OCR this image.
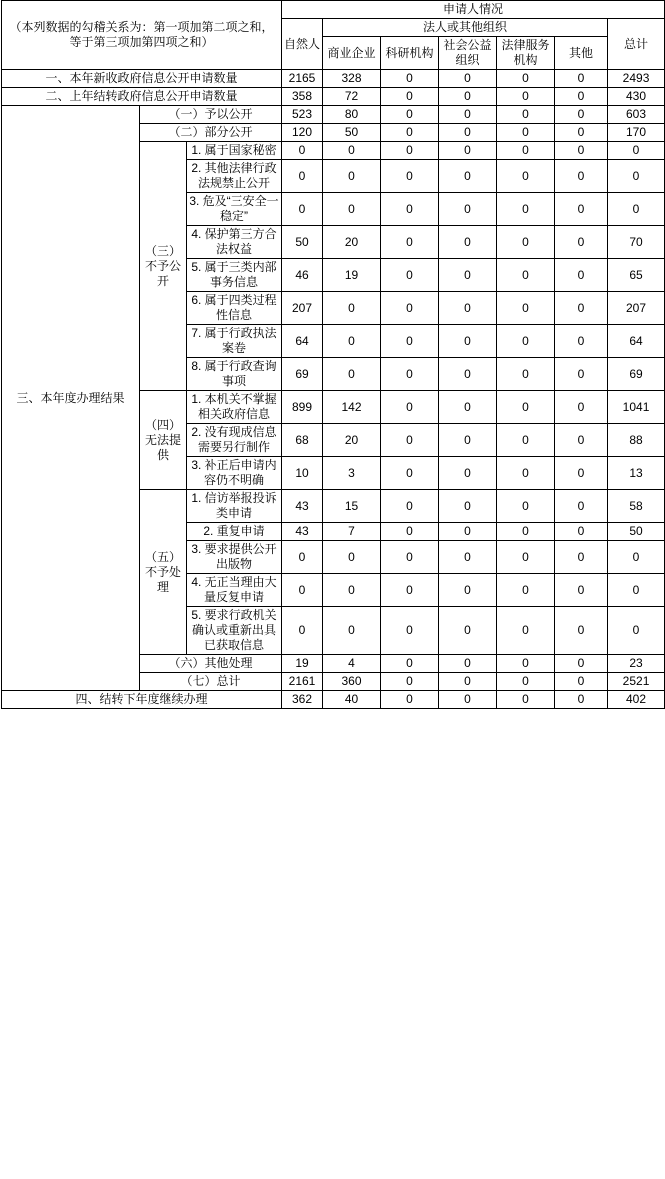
（本列数据的勾稽关系为：第一项加第二项之和，等于第三项加第四项之和）			申请人情况						
			自然人	法人或其他组织					总计
				商业企业	科研机构	社会公益组织	法律服务机构	其他	
一、本年新收政府信息公开申请数量			2165	328	0	0	0	0	2493
二、上年结转政府信息公开申请数量			358	72	0	0	0	0	430
三、本年度办理结果	（一）予以公开		523	80	0	0	0	0	603
	（二）部分公开		120	50	0	0	0	0	170
	（三）不予公开	1. 属于国家秘密	0	0	0	0	0	0	0
		2. 其他法律行政法规禁止公开	0	0	0	0	0	0	0
		3. 危及“三安全一稳定”	0	0	0	0	0	0	0
		4. 保护第三方合法权益	50	20	0	0	0	0	70
		5. 属于三类内部事务信息	46	19	0	0	0	0	65
		6. 属于四类过程性信息	207	0	0	0	0	0	207
		7. 属于行政执法案卷	64	0	0	0	0	0	64
		8. 属于行政查询事项	69	0	0	0	0	0	69
	（四）无法提供	1. 本机关不掌握相关政府信息	899	142	0	0	0	0	1041
		2. 没有现成信息需要另行制作	68	20	0	0	0	0	88
		3. 补正后申请内容仍不明确	10	3	0	0	0	0	13
	（五）不予处理	1. 信访举报投诉类申请	43	15	0	0	0	0	58
		2. 重复申请	43	7	0	0	0	0	50
		3. 要求提供公开出版物	0	0	0	0	0	0	0
		4. 无正当理由大量反复申请	0	0	0	0	0	0	0
		5. 要求行政机关确认或重新出具已获取信息	0	0	0	0	0	0	0
	（六）其他处理		19	4	0	0	0	0	23
	（七）总计		2161	360	0	0	0	0	2521
四、结转下年度继续办理			362	40	0	0	0	0	402
